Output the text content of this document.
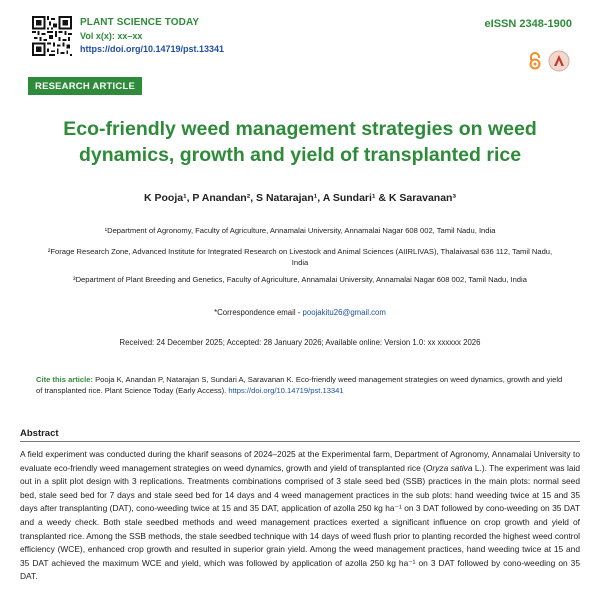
PLANT SCIENCE TODAY
Vol x(x): xx–xx
https://doi.org/10.14719/pst.13341
eISSN 2348-1900
RESEARCH ARTICLE
Eco-friendly weed management strategies on weed dynamics, growth and yield of transplanted rice
K Pooja¹, P Anandan², S Natarajan¹, A Sundari¹ & K Saravanan³
¹Department of Agronomy, Faculty of Agriculture, Annamalai University, Annamalai Nagar 608 002, Tamil Nadu, India
²Forage Research Zone, Advanced Institute for Integrated Research on Livestock and Animal Sciences (AIIRLIVAS), Thalaivasal 636 112, Tamil Nadu, India
³Department of Plant Breeding and Genetics, Faculty of Agriculture, Annamalai University, Annamalai Nagar 608 002, Tamil Nadu, India
*Correspondence email - poojakitu26@gmail.com
Received: 24 December 2025; Accepted: 28 January 2026; Available online: Version 1.0: xx xxxxxx 2026
Cite this article: Pooja K, Anandan P, Natarajan S, Sundari A, Saravanan K. Eco-friendly weed management strategies on weed dynamics, growth and yield of transplanted rice. Plant Science Today (Early Access). https://doi.org/10.14719/pst.13341
Abstract
A field experiment was conducted during the kharif seasons of 2024–2025 at the Experimental farm, Department of Agronomy, Annamalai University to evaluate eco-friendly weed management strategies on weed dynamics, growth and yield of transplanted rice (Oryza sativa L.). The experiment was laid out in a split plot design with 3 replications. Treatments combinations comprised of 3 stale seed bed (SSB) practices in the main plots: normal seed bed, stale seed bed for 7 days and stale seed bed for 14 days and 4 weed management practices in the sub plots: hand weeding twice at 15 and 35 days after transplanting (DAT), cono-weeding twice at 15 and 35 DAT, application of azolla 250 kg ha⁻¹ on 3 DAT followed by cono-weeding on 35 DAT and a weedy check. Both stale seedbed methods and weed management practices exerted a significant influence on crop growth and yield of transplanted rice. Among the SSB methods, the stale seedbed technique with 14 days of weed flush prior to planting recorded the highest weed control efficiency (WCE), enhanced crop growth and resulted in superior grain yield. Among the weed management practices, hand weeding twice at 15 and 35 DAT achieved the maximum WCE and yield, which was followed by application of azolla 250 kg ha⁻¹ on 3 DAT followed by cono-weeding on 35 DAT.
